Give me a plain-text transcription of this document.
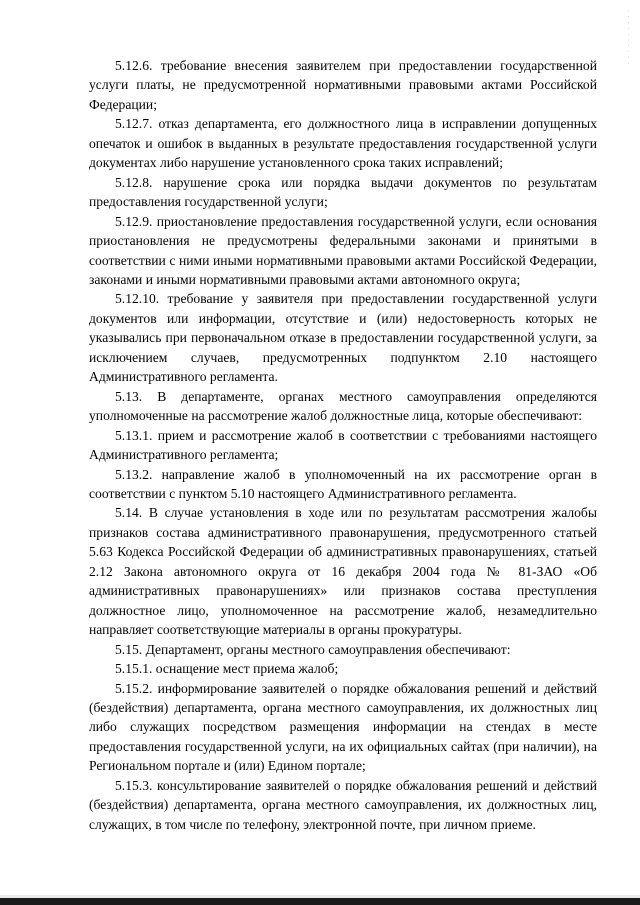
· · · · · · · · · ·

5.12.6. требование внесения заявителем при предоставлении государственной услуги платы, не предусмотренной нормативными правовыми актами Российской Федерации;

5.12.7. отказ департамента, его должностного лица в исправлении допущенных опечаток и ошибок в выданных в результате предоставления государственной услуги документах либо нарушение установленного срока таких исправлений;

5.12.8. нарушение срока или порядка выдачи документов по результатам предоставления государственной услуги;

5.12.9. приостановление предоставления государственной услуги, если основания приостановления не предусмотрены федеральными законами и принятыми в соответствии с ними иными нормативными правовыми актами Российской Федерации, законами и иными нормативными правовыми актами автономного округа;

5.12.10. требование у заявителя при предоставлении государственной услуги документов или информации, отсутствие и (или) недостоверность которых не указывались при первоначальном отказе в предоставлении государственной услуги, за исключением случаев, предусмотренных подпунктом 2.10 настоящего Административного регламента.

5.13. В департаменте, органах местного самоуправления определяются уполномоченные на рассмотрение жалоб должностные лица, которые обеспечивают:

5.13.1. прием и рассмотрение жалоб в соответствии с требованиями настоящего Административного регламента;

5.13.2. направление жалоб в уполномоченный на их рассмотрение орган в соответствии с пунктом 5.10 настоящего Административного регламента.

5.14. В случае установления в ходе или по результатам рассмотрения жалобы признаков состава административного правонарушения, предусмотренного статьей 5.63 Кодекса Российской Федерации об административных правонарушениях, статьей 2.12 Закона автономного округа от 16 декабря 2004 года № 81-ЗАО «Об административных правонарушениях» или признаков состава преступления должностное лицо, уполномоченное на рассмотрение жалоб, незамедлительно направляет соответствующие материалы в органы прокуратуры.

5.15. Департамент, органы местного самоуправления обеспечивают:

5.15.1. оснащение мест приема жалоб;

5.15.2. информирование заявителей о порядке обжалования решений и действий (бездействия) департамента, органа местного самоуправления, их должностных лиц либо служащих посредством размещения информации на стендах в месте предоставления государственной услуги, на их официальных сайтах (при наличии), на Региональном портале и (или) Едином портале;

5.15.3. консультирование заявителей о порядке обжалования решений и действий (бездействия) департамента, органа местного самоуправления, их должностных лиц, служащих, в том числе по телефону, электронной почте, при личном приеме.
